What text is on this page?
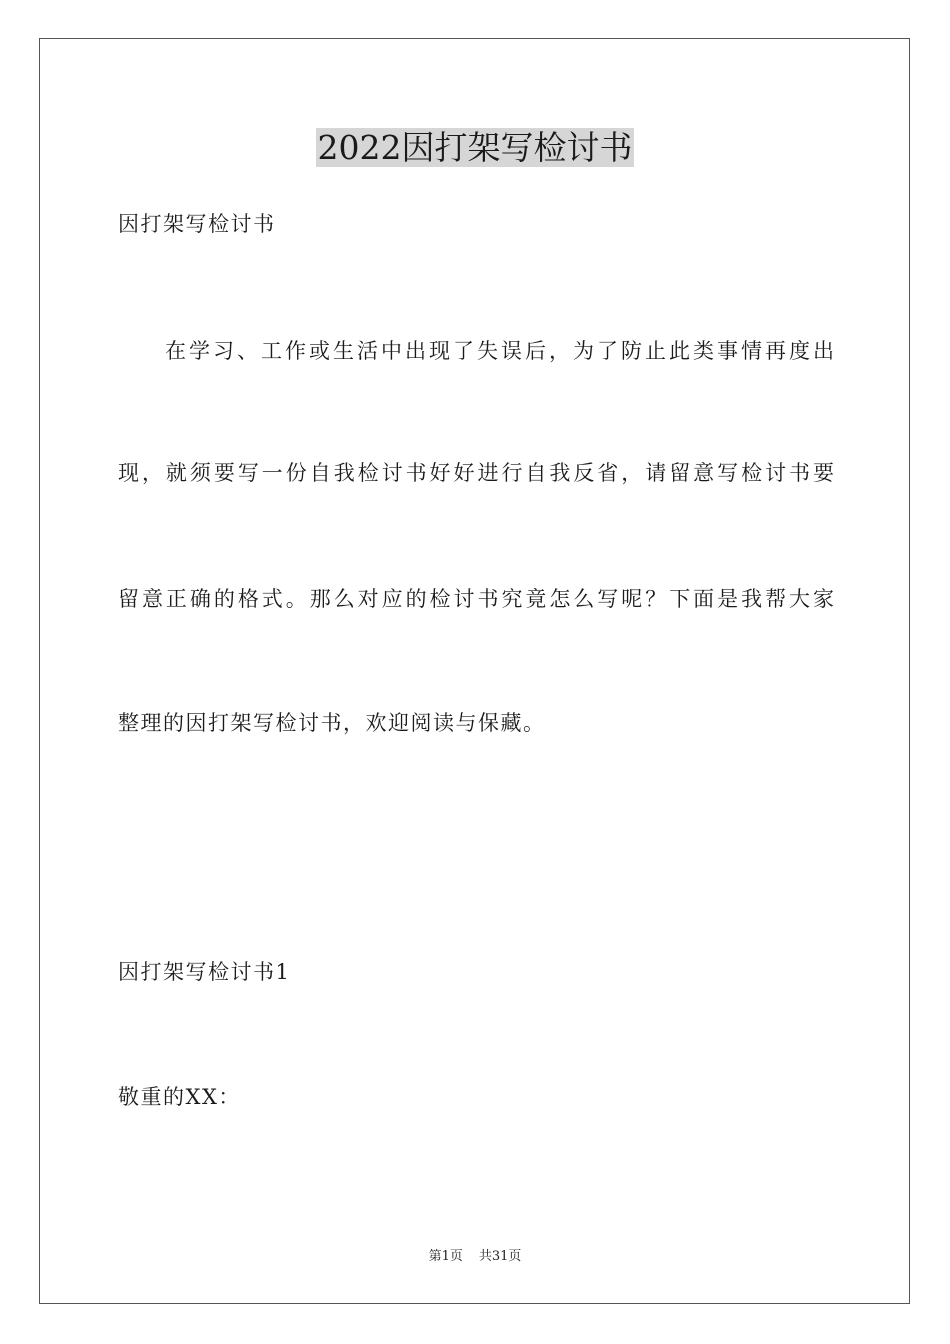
2022因打架写检讨书

因打架写检讨书

在学习、工作或生活中出现了失误后，为了防止此类事情再度出

现，就须要写一份自我检讨书好好进行自我反省，请留意写检讨书要

留意正确的格式。那么对应的检讨书究竟怎么写呢？下面是我帮大家

整理的因打架写检讨书，欢迎阅读与保藏。

因打架写检讨书1

敬重的XX：

第1页 共31页
